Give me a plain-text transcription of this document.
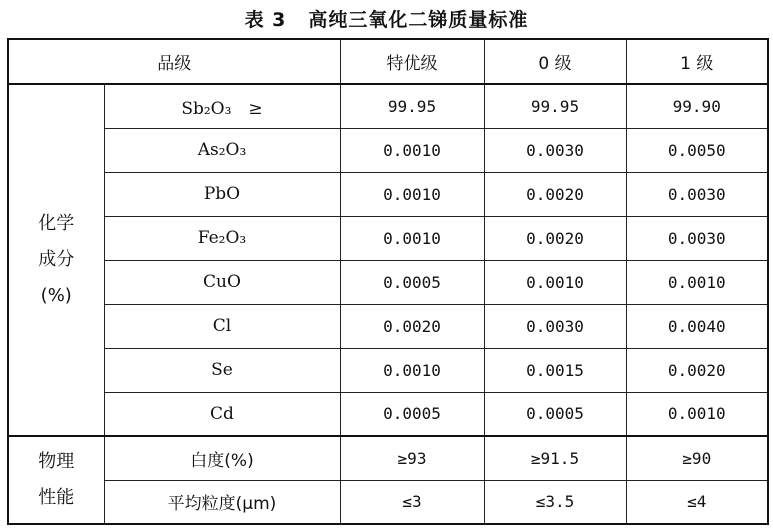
表 3 高纯三氧化二锑质量标准
品级		特优级	0 级	1 级

化学
成分
(%)	Sb₂O₃　≥	99.95	99.95	99.90
	As₂O₃	0.0010	0.0030	0.0050
	PbO	0.0010	0.0020	0.0030
	Fe₂O₃	0.0010	0.0020	0.0030
	CuO	0.0005	0.0010	0.0010
	Cl	0.0020	0.0030	0.0040
	Se	0.0010	0.0015	0.0020
	Cd	0.0005	0.0005	0.0010

物理
性能	白度(%)	≥93	≥91.5	≥90
	平均粒度(μm)	≤3	≤3.5	≤4
